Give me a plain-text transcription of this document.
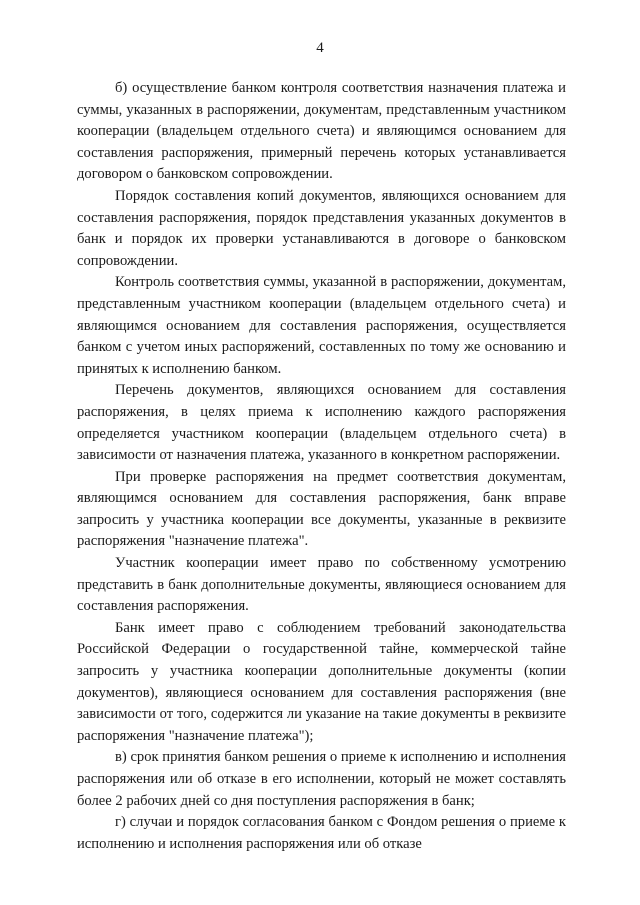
4

б) осуществление банком контроля соответствия назначения платежа и суммы, указанных в распоряжении, документам, представленным участником кооперации (владельцем отдельного счета) и являющимся основанием для составления распоряжения, примерный перечень которых устанавливается договором о банковском сопровождении.

Порядок составления копий документов, являющихся основанием для составления распоряжения, порядок представления указанных документов в банк и порядок их проверки устанавливаются в договоре о банковском сопровождении.

Контроль соответствия суммы, указанной в распоряжении, документам, представленным участником кооперации (владельцем отдельного счета) и являющимся основанием для составления распоряжения, осуществляется банком с учетом иных распоряжений, составленных по тому же основанию и принятых к исполнению банком.

Перечень документов, являющихся основанием для составления распоряжения, в целях приема к исполнению каждого распоряжения определяется участником кооперации (владельцем отдельного счета) в зависимости от назначения платежа, указанного в конкретном распоряжении.

При проверке распоряжения на предмет соответствия документам, являющимся основанием для составления распоряжения, банк вправе запросить у участника кооперации все документы, указанные в реквизите распоряжения "назначение платежа".

Участник кооперации имеет право по собственному усмотрению представить в банк дополнительные документы, являющиеся основанием для составления распоряжения.

Банк имеет право с соблюдением требований законодательства Российской Федерации о государственной тайне, коммерческой тайне запросить у участника кооперации дополнительные документы (копии документов), являющиеся основанием для составления распоряжения (вне зависимости от того, содержится ли указание на такие документы в реквизите распоряжения "назначение платежа");

в) срок принятия банком решения о приеме к исполнению и исполнения распоряжения или об отказе в его исполнении, который не может составлять более 2 рабочих дней со дня поступления распоряжения в банк;

г) случаи и порядок согласования банком с Фондом решения о приеме к исполнению и исполнения распоряжения или об отказе
